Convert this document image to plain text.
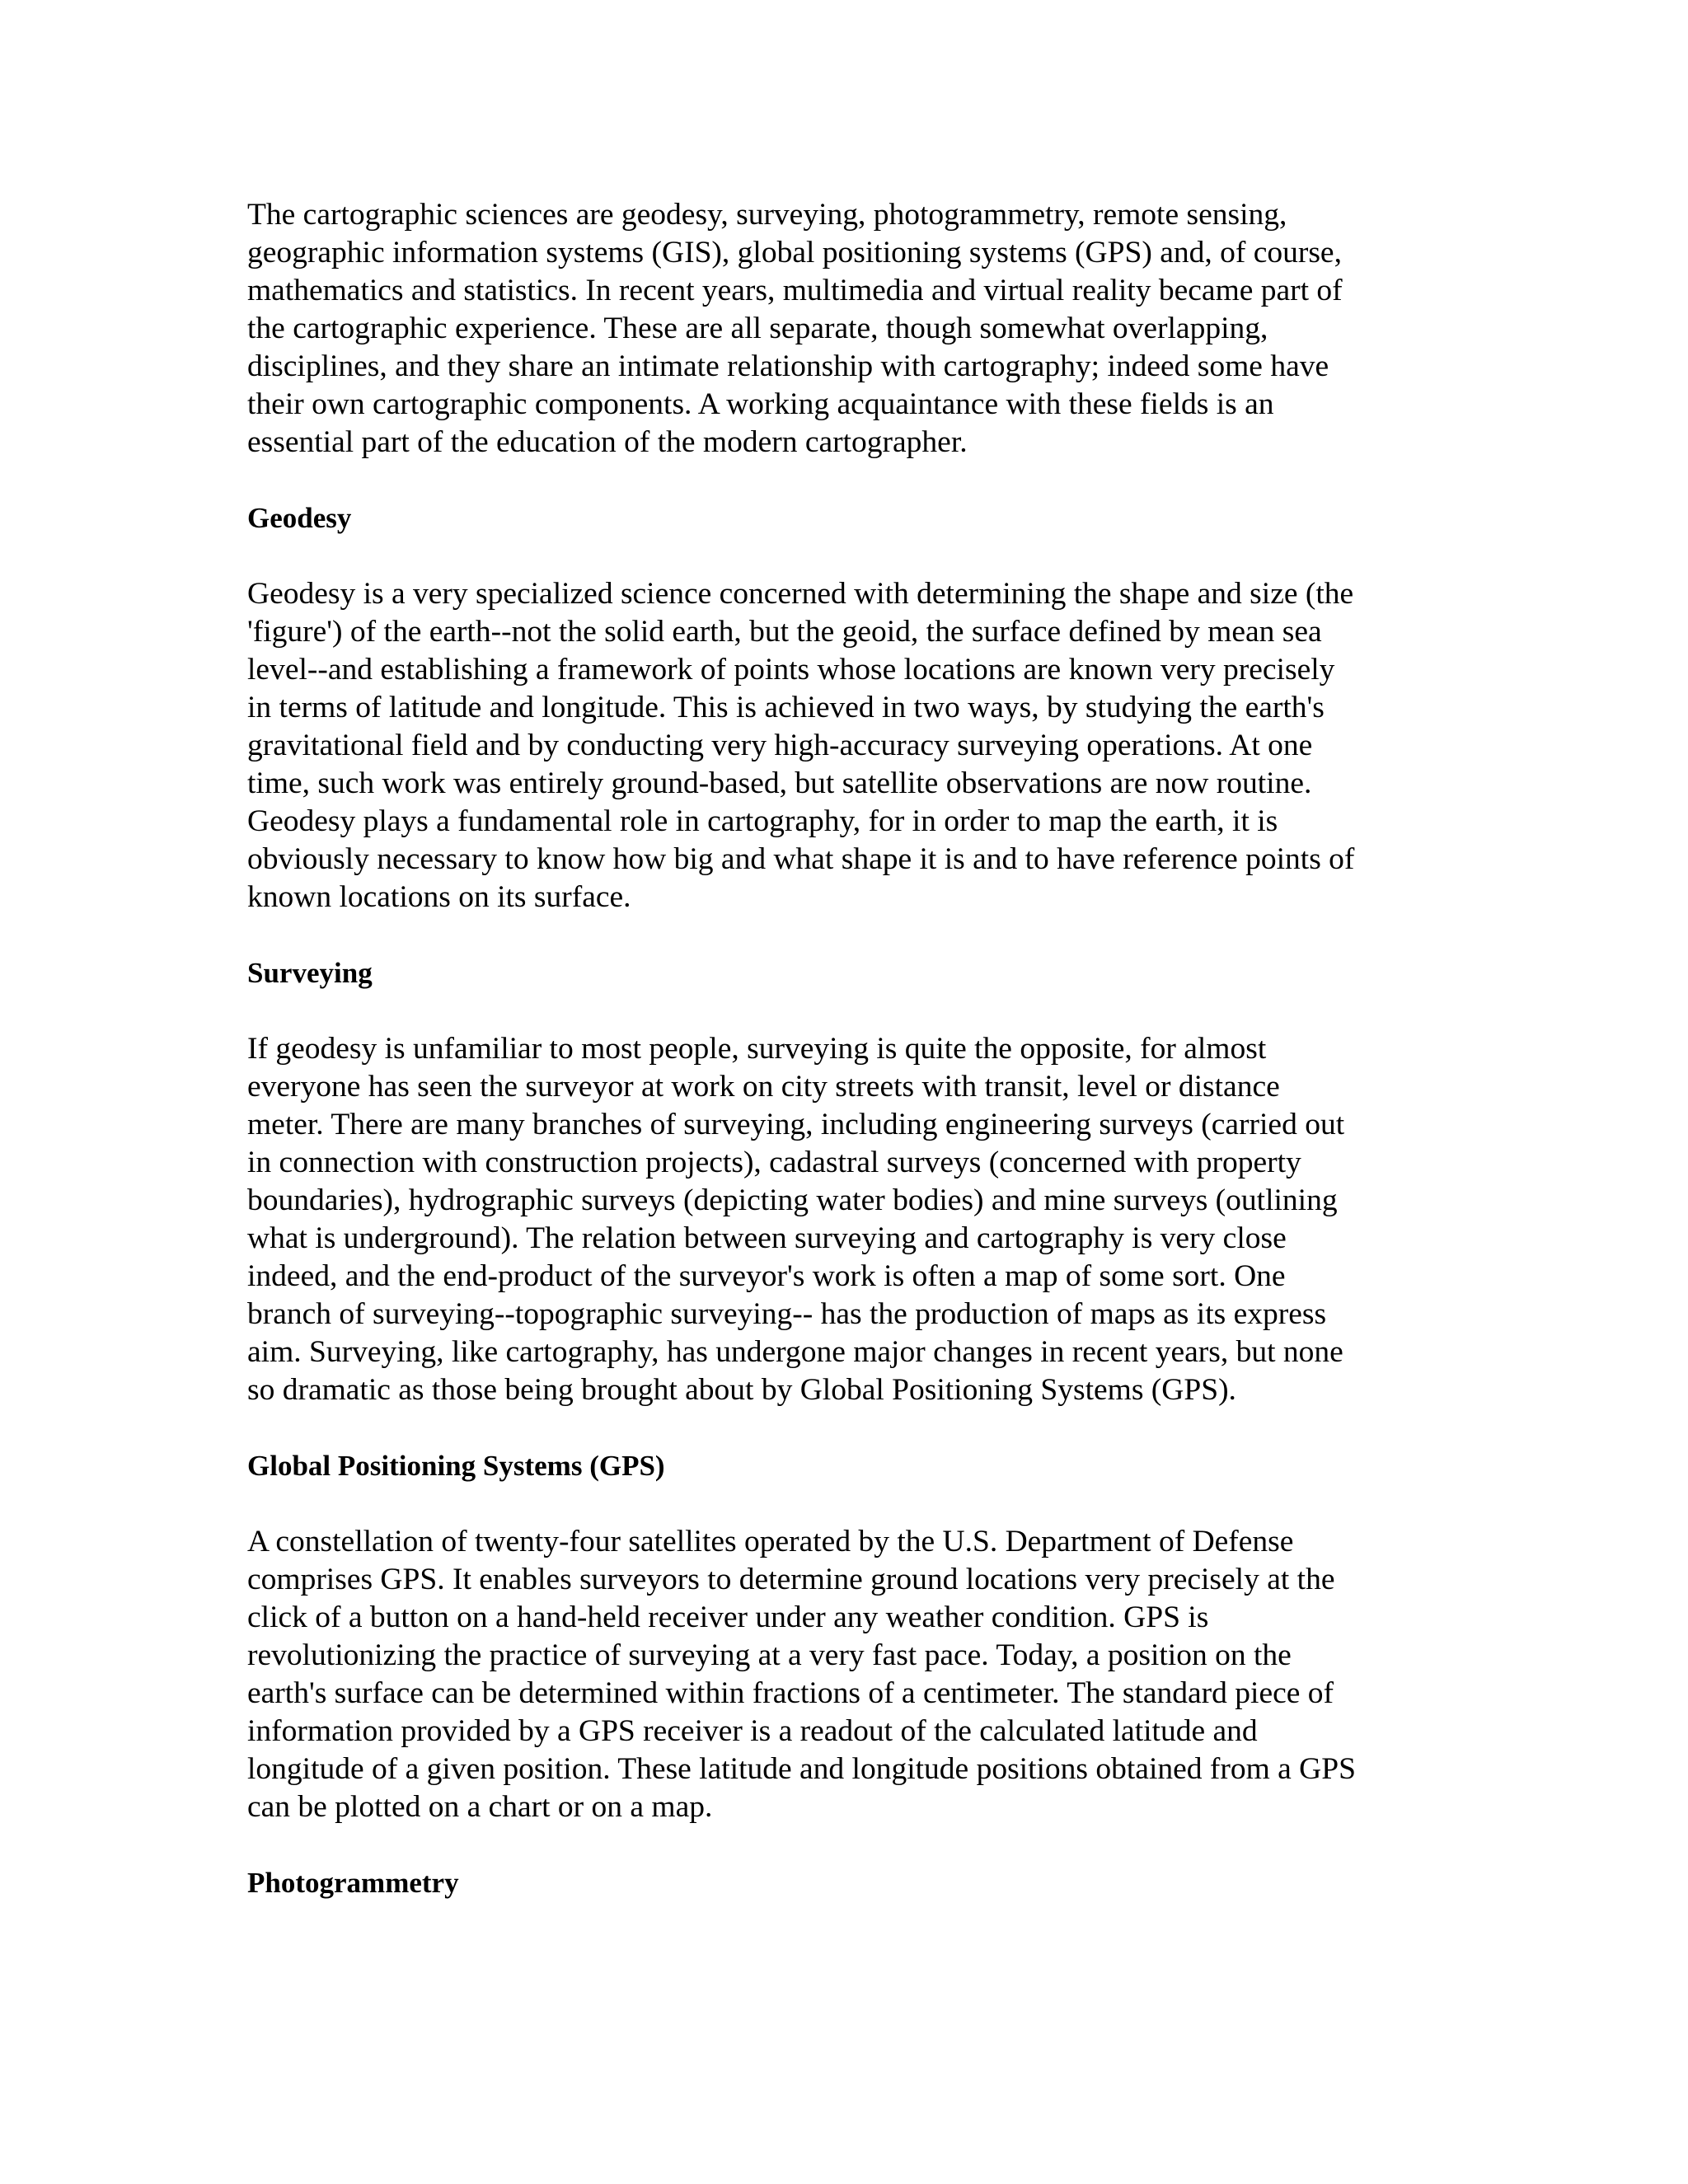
The cartographic sciences are geodesy, surveying, photogrammetry, remote sensing,
geographic information systems (GIS), global positioning systems (GPS) and, of course,
mathematics and statistics. In recent years, multimedia and virtual reality became part of
the cartographic experience. These are all separate, though somewhat overlapping,
disciplines, and they share an intimate relationship with cartography; indeed some have
their own cartographic components. A working acquaintance with these fields is an
essential part of the education of the modern cartographer.

Geodesy

Geodesy is a very specialized science concerned with determining the shape and size (the
'figure') of the earth--not the solid earth, but the geoid, the surface defined by mean sea
level--and establishing a framework of points whose locations are known very precisely
in terms of latitude and longitude. This is achieved in two ways, by studying the earth's
gravitational field and by conducting very high-accuracy surveying operations. At one
time, such work was entirely ground-based, but satellite observations are now routine.
Geodesy plays a fundamental role in cartography, for in order to map the earth, it is
obviously necessary to know how big and what shape it is and to have reference points of
known locations on its surface.

Surveying

If geodesy is unfamiliar to most people, surveying is quite the opposite, for almost
everyone has seen the surveyor at work on city streets with transit, level or distance
meter. There are many branches of surveying, including engineering surveys (carried out
in connection with construction projects), cadastral surveys (concerned with property
boundaries), hydrographic surveys (depicting water bodies) and mine surveys (outlining
what is underground). The relation between surveying and cartography is very close
indeed, and the end-product of the surveyor's work is often a map of some sort. One
branch of surveying--topographic surveying-- has the production of maps as its express
aim. Surveying, like cartography, has undergone major changes in recent years, but none
so dramatic as those being brought about by Global Positioning Systems (GPS).

Global Positioning Systems (GPS)

A constellation of twenty-four satellites operated by the U.S. Department of Defense
comprises GPS. It enables surveyors to determine ground locations very precisely at the
click of a button on a hand-held receiver under any weather condition. GPS is
revolutionizing the practice of surveying at a very fast pace. Today, a position on the
earth's surface can be determined within fractions of a centimeter. The standard piece of
information provided by a GPS receiver is a readout of the calculated latitude and
longitude of a given position. These latitude and longitude positions obtained from a GPS
can be plotted on a chart or on a map.

Photogrammetry
